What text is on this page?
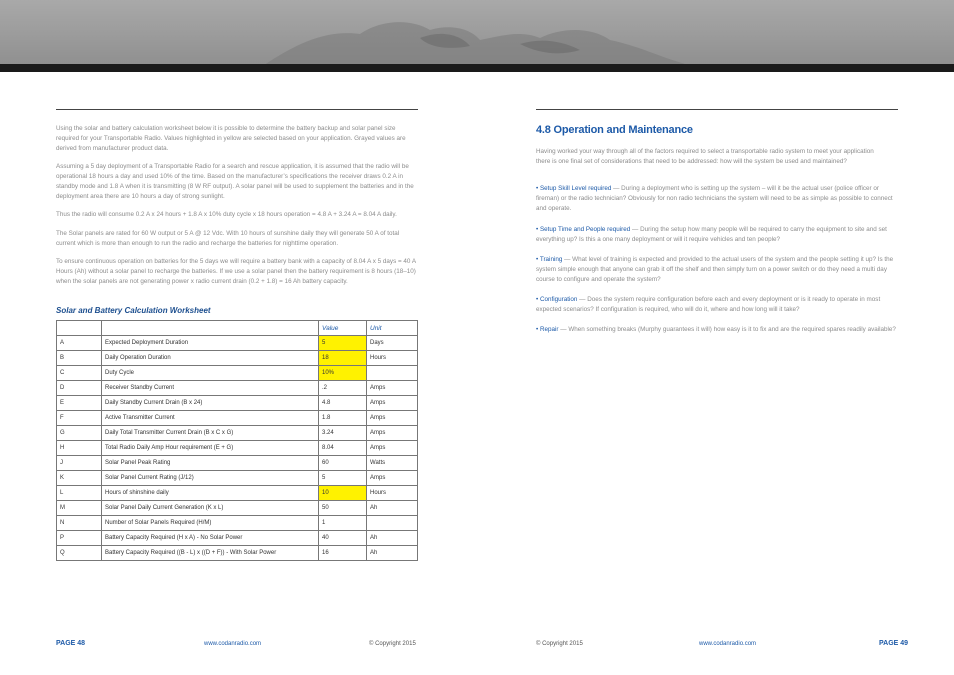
Using the solar and battery calculation worksheet below it is possible to determine the battery backup and solar panel size required for your Transportable Radio. Values highlighted in yellow are selected based on your application. Grayed values are derived from manufacturer product data.

Assuming a 5 day deployment of a Transportable Radio for a search and rescue application, it is assumed that the radio will be operational 18 hours a day and used 10% of the time. Based on the manufacturer’s specifications the receiver draws 0.2 A in standby mode and 1.8 A when it is transmitting (8 W RF output). A solar panel will be used to supplement the batteries and in the deployment area there are 10 hours a day of strong sunlight.

Thus the radio will consume 0.2 A x 24 hours + 1.8 A x 10% duty cycle x 18 hours operation = 4.8 A + 3.24 A = 8.04 A daily.

The Solar panels are rated for 60 W output or 5 A @ 12 Vdc. With 10 hours of sunshine daily they will generate 50 A of total current which is more than enough to run the radio and recharge the batteries for nighttime operation.

To ensure continuous operation on batteries for the 5 days we will require a battery bank with a capacity of 8.04 A x 5 days = 40 A Hours (Ah) without a solar panel to recharge the batteries. If we use a solar panel then the battery requirement is 8 hours (18–10) when the solar panels are not generating power x radio current drain (0.2 + 1.8) = 16 Ah battery capacity.

Solar and Battery Calculation Worksheet
		Value	Unit
A	Expected Deployment Duration	5	Days
B	Daily Operation Duration	18	Hours
C	Duty Cycle	10%	
D	Receiver Standby Current	.2	Amps
E	Daily Standby Current Drain (B x 24)	4.8	Amps
F	Active Transmitter Current	1.8	Amps
G	Daily Total Transmitter Current Drain (B x C x G)	3.24	Amps
H	Total Radio Daily Amp Hour requirement (E + G)	8.04	Amps
J	Solar Panel Peak Rating	60	Watts
K	Solar Panel Current Rating (J/12)	5	Amps
L	Hours of shinshine daily	10	Hours
M	Solar Panel Daily Current Generation (K x L)	50	Ah
N	Number of Solar Panels Required (H/M)	1	
P	Battery Capacity Required (H x A) - No Solar Power	40	Ah
Q	Battery Capacity Required ((B - L) x ((D + F)) - With Solar Power	16	Ah
PAGE 48	www.codanradio.com	© Copyright 2015
4.8 Operation and Maintenance

Having worked your way through all of the factors required to select a transportable radio system to meet your application there is one final set of considerations that need to be addressed: how will the system be used and maintained?

• Setup Skill Level required — During a deployment who is setting up the system – will it be the actual user (police officer or fireman) or the radio technician? Obviously for non radio technicians the system will need to be as simple as possible to connect and operate.

• Setup Time and People required — During the setup how many people will be required to carry the equipment to site and set everything up? Is this a one many deployment or will it require vehicles and ten people?

• Training — What level of training is expected and provided to the actual users of the system and the people setting it up? Is the system simple enough that anyone can grab it off the shelf and then simply turn on a power switch or do they need a multi day course to configure and operate the system?

• Configuration — Does the system require configuration before each and every deployment or is it ready to operate in most expected scenarios? If configuration is required, who will do it, where and how long will it take?

• Repair — When something breaks (Murphy guarantees it will) how easy is it to fix and are the required spares readily available?

© Copyright 2015	www.codanradio.com	PAGE 49
